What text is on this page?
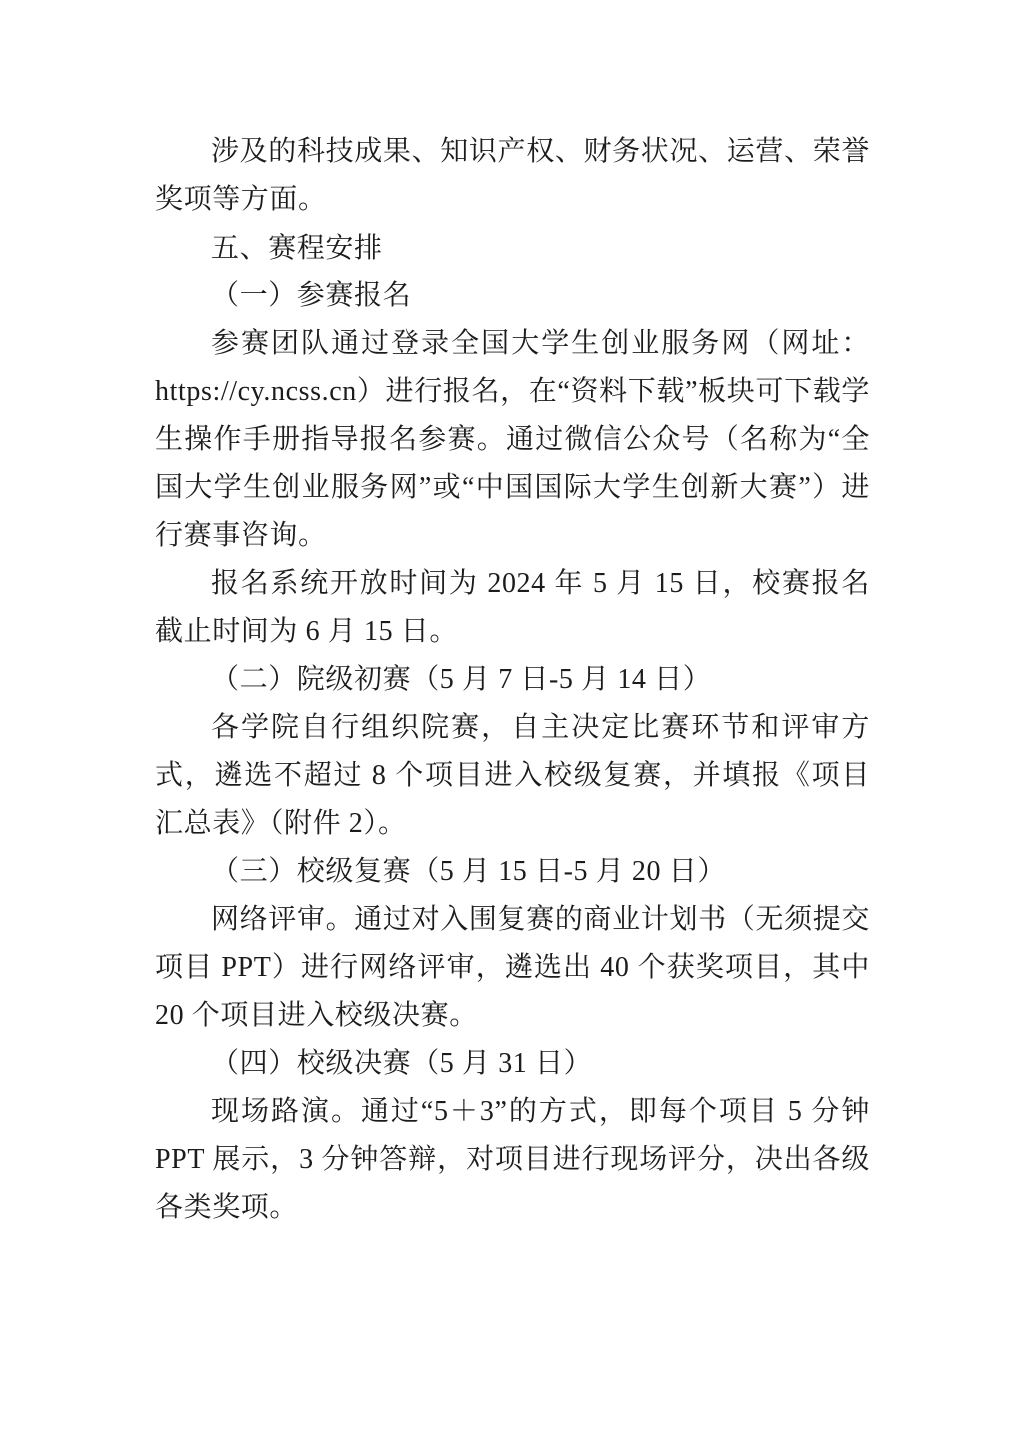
涉及的科技成果、知识产权、财务状况、运营、荣誉奖项等方面。

五、赛程安排
（一）参赛报名

参赛团队通过登录全国大学生创业服务网（网址：https://cy.ncss.cn）进行报名，在“资料下载”板块可下载学生操作手册指导报名参赛。通过微信公众号（名称为“全国大学生创业服务网”或“中国国际大学生创新大赛”）进行赛事咨询。

报名系统开放时间为 2024 年 5 月 15 日，校赛报名截止时间为 6 月 15 日。

（二）院级初赛（5 月 7 日-5 月 14 日）

各学院自行组织院赛，自主决定比赛环节和评审方式，遴选不超过 8 个项目进入校级复赛，并填报《项目汇总表》（附件 2）。

（三）校级复赛（5 月 15 日-5 月 20 日）

网络评审。通过对入围复赛的商业计划书（无须提交项目 PPT）进行网络评审，遴选出 40 个获奖项目，其中 20 个项目进入校级决赛。

（四）校级决赛（5 月 31 日）

现场路演。通过“5＋3”的方式，即每个项目 5 分钟 PPT 展示，3 分钟答辩，对项目进行现场评分，决出各级各类奖项。
